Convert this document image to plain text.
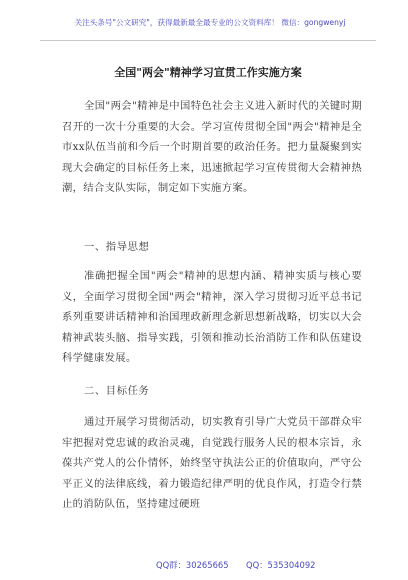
关注头条号"公文研究"，获得最新最全最专业的公文资料库！ 微信：gongwenyj
全国"两会"精神学习宣贯工作实施方案

全国"两会"精神是中国特色社会主义进入新时代的关键时期召开的一次十分重要的大会。学习宣传贯彻全国"两会"精神是全市xx队伍当前和今后一个时期首要的政治任务。把力量凝聚到实现大会确定的目标任务上来，迅速掀起学习宣传贯彻大会精神热潮，结合支队实际，制定如下实施方案。

一、指导思想

准确把握全国"两会"精神的思想内涵、精神实质与核心要义，全面学习贯彻全国"两会"精神，深入学习贯彻习近平总书记系列重要讲话精神和治国理政新理念新思想新战略，切实以大会精神武装头脑、指导实践，引领和推动长治消防工作和队伍建设科学健康发展。

二、目标任务

通过开展学习贯彻活动，切实教育引导广大党员干部群众牢牢把握对党忠诚的政治灵魂，自觉践行服务人民的根本宗旨，永葆共产党人的公仆情怀，始终坚守执法公正的价值取向，严守公平正义的法律底线，着力锻造纪律严明的优良作风，打造令行禁止的消防队伍，坚持建过硬班

QQ群：30265665 QQ：535304092
